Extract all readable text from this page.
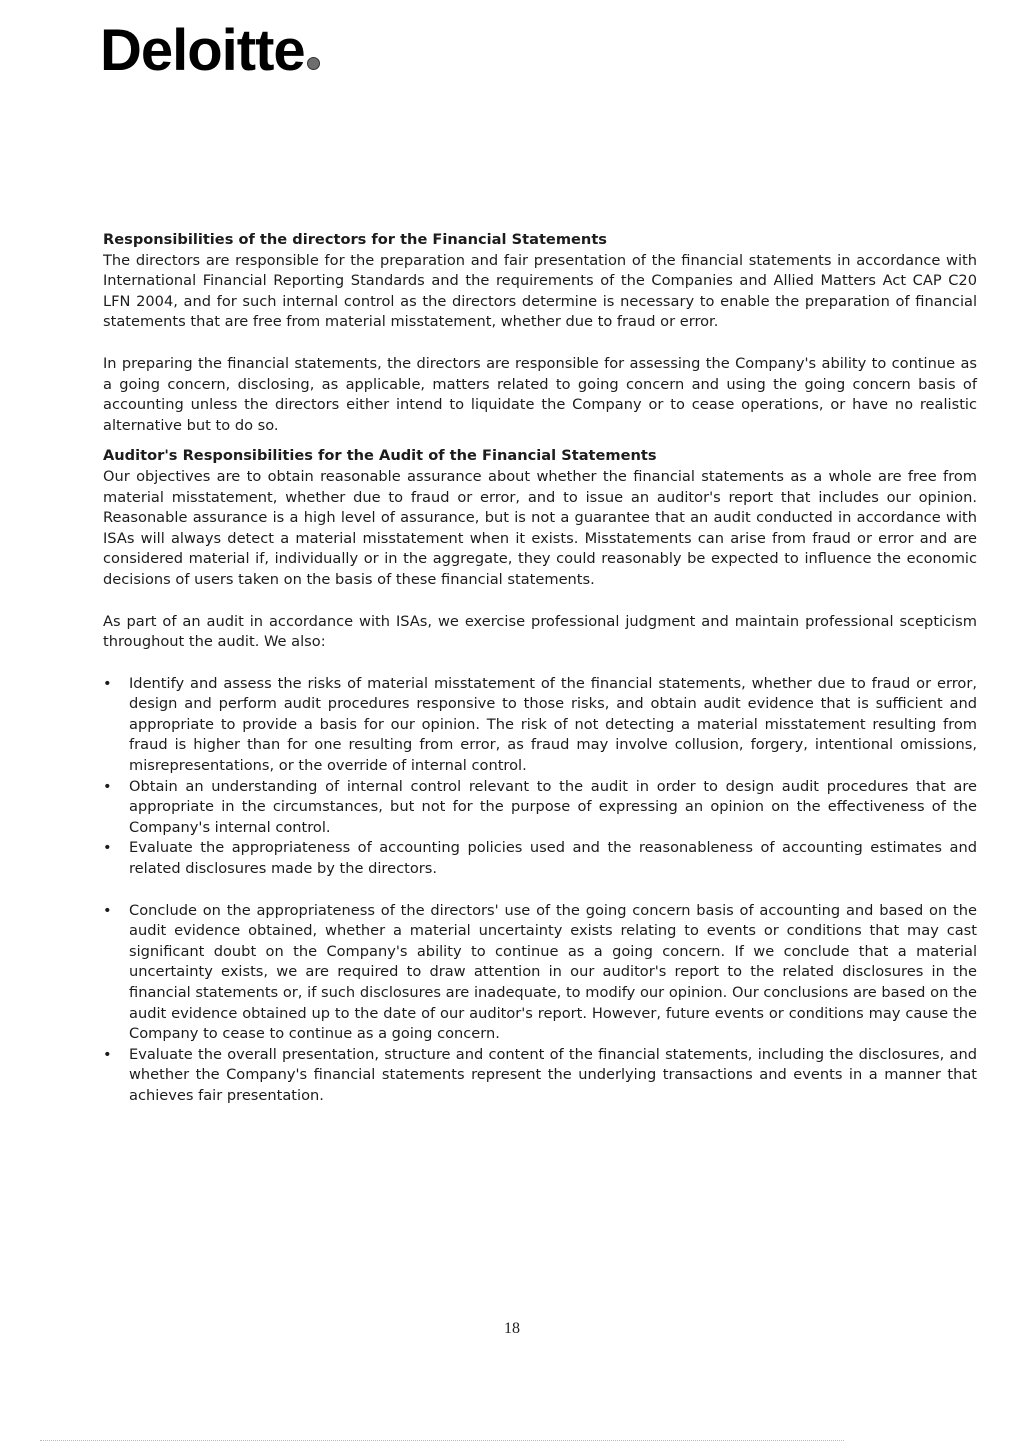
Deloitte
Responsibilities of the directors for the Financial Statements

The directors are responsible for the preparation and fair presentation of the financial statements in accordance with International Financial Reporting Standards and the requirements of the Companies and Allied Matters Act CAP C20 LFN 2004, and for such internal control as the directors determine is necessary to enable the preparation of financial statements that are free from material misstatement, whether due to fraud or error.

In preparing the financial statements, the directors are responsible for assessing the Company's ability to continue as a going concern, disclosing, as applicable, matters related to going concern and using the going concern basis of accounting unless the directors either intend to liquidate the Company or to cease operations, or have no realistic alternative but to do so.

Auditor's Responsibilities for the Audit of the Financial Statements

Our objectives are to obtain reasonable assurance about whether the financial statements as a whole are free from material misstatement, whether due to fraud or error, and to issue an auditor's report that includes our opinion. Reasonable assurance is a high level of assurance, but is not a guarantee that an audit conducted in accordance with ISAs will always detect a material misstatement when it exists. Misstatements can arise from fraud or error and are considered material if, individually or in the aggregate, they could reasonably be expected to influence the economic decisions of users taken on the basis of these financial statements.

As part of an audit in accordance with ISAs, we exercise professional judgment and maintain professional scepticism throughout the audit. We also:

• Identify and assess the risks of material misstatement of the financial statements, whether due to fraud or error, design and perform audit procedures responsive to those risks, and obtain audit evidence that is sufficient and appropriate to provide a basis for our opinion. The risk of not detecting a material misstatement resulting from fraud is higher than for one resulting from error, as fraud may involve collusion, forgery, intentional omissions, misrepresentations, or the override of internal control.
• Obtain an understanding of internal control relevant to the audit in order to design audit procedures that are appropriate in the circumstances, but not for the purpose of expressing an opinion on the effectiveness of the Company's internal control.
• Evaluate the appropriateness of accounting policies used and the reasonableness of accounting estimates and related disclosures made by the directors.
• Conclude on the appropriateness of the directors' use of the going concern basis of accounting and based on the audit evidence obtained, whether a material uncertainty exists relating to events or conditions that may cast significant doubt on the Company's ability to continue as a going concern. If we conclude that a material uncertainty exists, we are required to draw attention in our auditor's report to the related disclosures in the financial statements or, if such disclosures are inadequate, to modify our opinion. Our conclusions are based on the audit evidence obtained up to the date of our auditor's report. However, future events or conditions may cause the Company to cease to continue as a going concern.
• Evaluate the overall presentation, structure and content of the financial statements, including the disclosures, and whether the Company's financial statements represent the underlying transactions and events in a manner that achieves fair presentation.
18
